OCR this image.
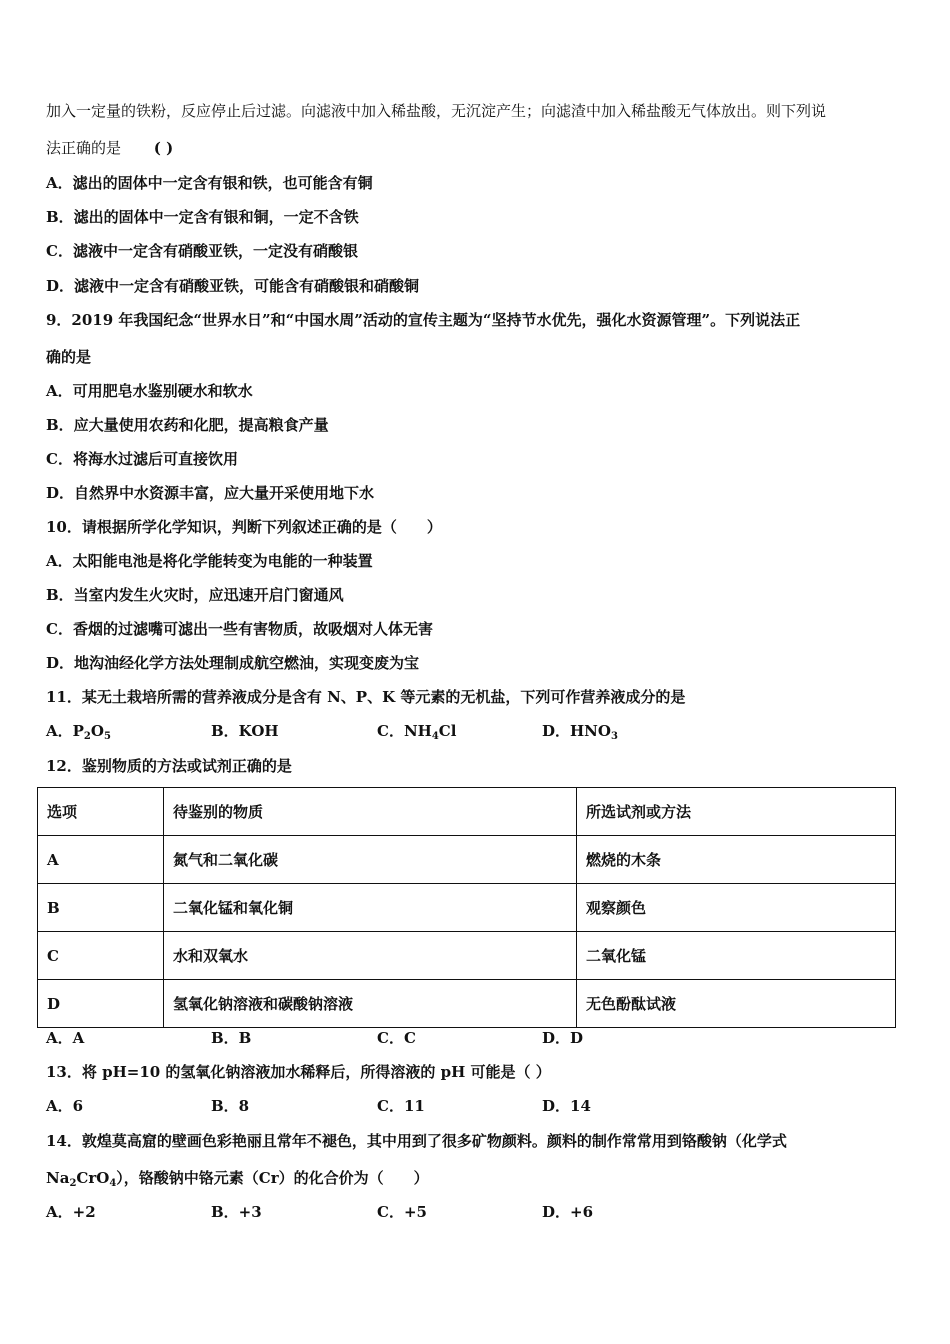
加入一定量的铁粉，反应停止后过滤。向滤液中加入稀盐酸，无沉淀产生；向滤渣中加入稀盐酸无气体放出。则下列说
法正确的是 ( )
A．滤出的固体中一定含有银和铁，也可能含有铜
B．滤出的固体中一定含有银和铜，一定不含铁
C．滤液中一定含有硝酸亚铁，一定没有硝酸银
D．滤液中一定含有硝酸亚铁，可能含有硝酸银和硝酸铜
9．2019 年我国纪念“世界水日”和“中国水周”活动的宣传主题为“坚持节水优先，强化水资源管理”。下列说法正
确的是
A．可用肥皂水鉴别硬水和软水
B．应大量使用农药和化肥，提高粮食产量
C．将海水过滤后可直接饮用
D．自然界中水资源丰富，应大量开采使用地下水
10．请根据所学化学知识，判断下列叙述正确的是（　　）
A．太阳能电池是将化学能转变为电能的一种装置
B．当室内发生火灾时，应迅速开启门窗通风
C．香烟的过滤嘴可滤出一些有害物质，故吸烟对人体无害
D．地沟油经化学方法处理制成航空燃油，实现变废为宝
11．某无土栽培所需的营养液成分是含有 N、P、K 等元素的无机盐，下列可作营养液成分的是
A．$P_2O_5$	B．KOH	C．$NH_4Cl$	D．$HNO_3$
12．鉴别物质的方法或试剂正确的是
选项	待鉴别的物质	所选试剂或方法
A	氮气和二氧化碳	燃烧的木条
B	二氧化锰和氧化铜	观察颜色
C	水和双氧水	二氧化锰
D	氢氧化钠溶液和碳酸钠溶液	无色酚酞试液
A．A	B．B	C．C	D．D
13．将 pH=10 的氢氧化钠溶液加水稀释后，所得溶液的 pH 可能是（ ）
A．6	B．8	C．11	D．14
14．敦煌莫高窟的壁画色彩艳丽且常年不褪色，其中用到了很多矿物颜料。颜料的制作常常用到铬酸钠（化学式
$Na_2CrO_4$），铬酸钠中铬元素（Cr）的化合价为（　　）
A．+2	B．+3	C．+5	D．+6
